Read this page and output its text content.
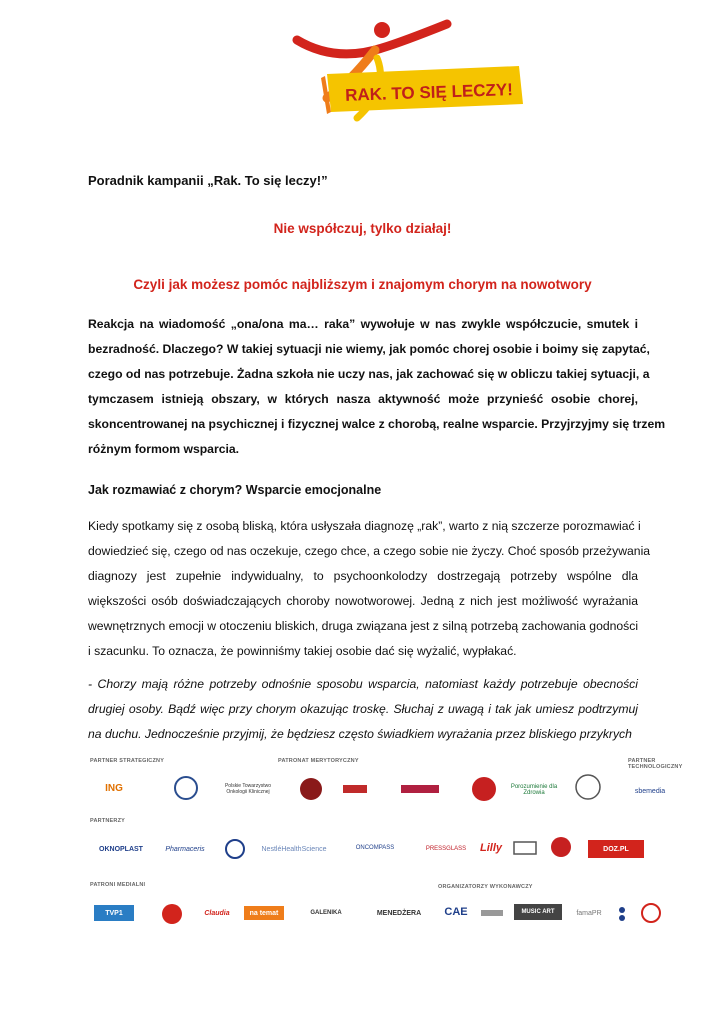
RAK. TO SIĘ LECZY!
Poradnik kampanii „Rak. To się leczy!”
Nie współczuj, tylko działaj!
Czyli jak możesz pomóc najbliższym i znajomym chorym na nowotwory
Reakcja na wiadomość „ona/ona ma… raka” wywołuje w nas zwykle współczucie, smutek i
bezradność. Dlaczego? W takiej sytuacji nie wiemy, jak pomóc chorej osobie i boimy się zapytać,
czego od nas potrzebuje. Żadna szkoła nie uczy nas, jak zachować się w obliczu takiej sytuacji, a
tymczasem istnieją obszary, w których nasza aktywność może przynieść osobie chorej,
skoncentrowanej na psychicznej i fizycznej walce z chorobą, realne wsparcie. Przyjrzyjmy się trzem
różnym formom wsparcia.
Jak rozmawiać z chorym? Wsparcie emocjonalne
Kiedy spotkamy się z osobą bliską, która usłyszała diagnozę „rak”, warto z nią szczerze porozmawiać i
dowiedzieć się, czego od nas oczekuje, czego chce, a czego sobie nie życzy. Choć sposób przeżywania
diagnozy jest zupełnie indywidualny, to psychoonkolodzy dostrzegają potrzeby wspólne dla
większości osób doświadczających choroby nowotworowej. Jedną z nich jest możliwość wyrażania
wewnętrznych emocji w otoczeniu bliskich, druga związana jest z silną potrzebą zachowania godności
i szacunku. To oznacza, że powinniśmy takiej osobie dać się wyżalić, wypłakać.
- Chorzy mają różne potrzeby odnośnie sposobu wsparcia, natomiast każdy potrzebuje obecności
drugiej osoby. Bądź więc przy chorym okazując troskę. Słuchaj z uwagą i tak jak umiesz podtrzymuj
na duchu. Jednocześnie przyjmij, że będziesz często świadkiem wyrażania przez bliskiego przykrych
PARTNER STRATEGICZNY	PATRONAT MERYTORYCZNY	PARTNER TECHNOLOGICZNY
ING	Polskie Towarzystwo Onkologii Klinicznej
Porozumienie dla Zdrowia	sbemedia
PARTNERZY
OKNOPLAST	Pharmaceris	NestléHealthScience	ONCOMPASS	PRESSGLASS	Lilly	DOZ.PL
PATRONI MEDIALNI	ORGANIZATORZY WYKONAWCZY
TVP1	Claudia	na temat	GALENIKA	MENEDŻERA	CAE	MUSIC ART	famaPR
